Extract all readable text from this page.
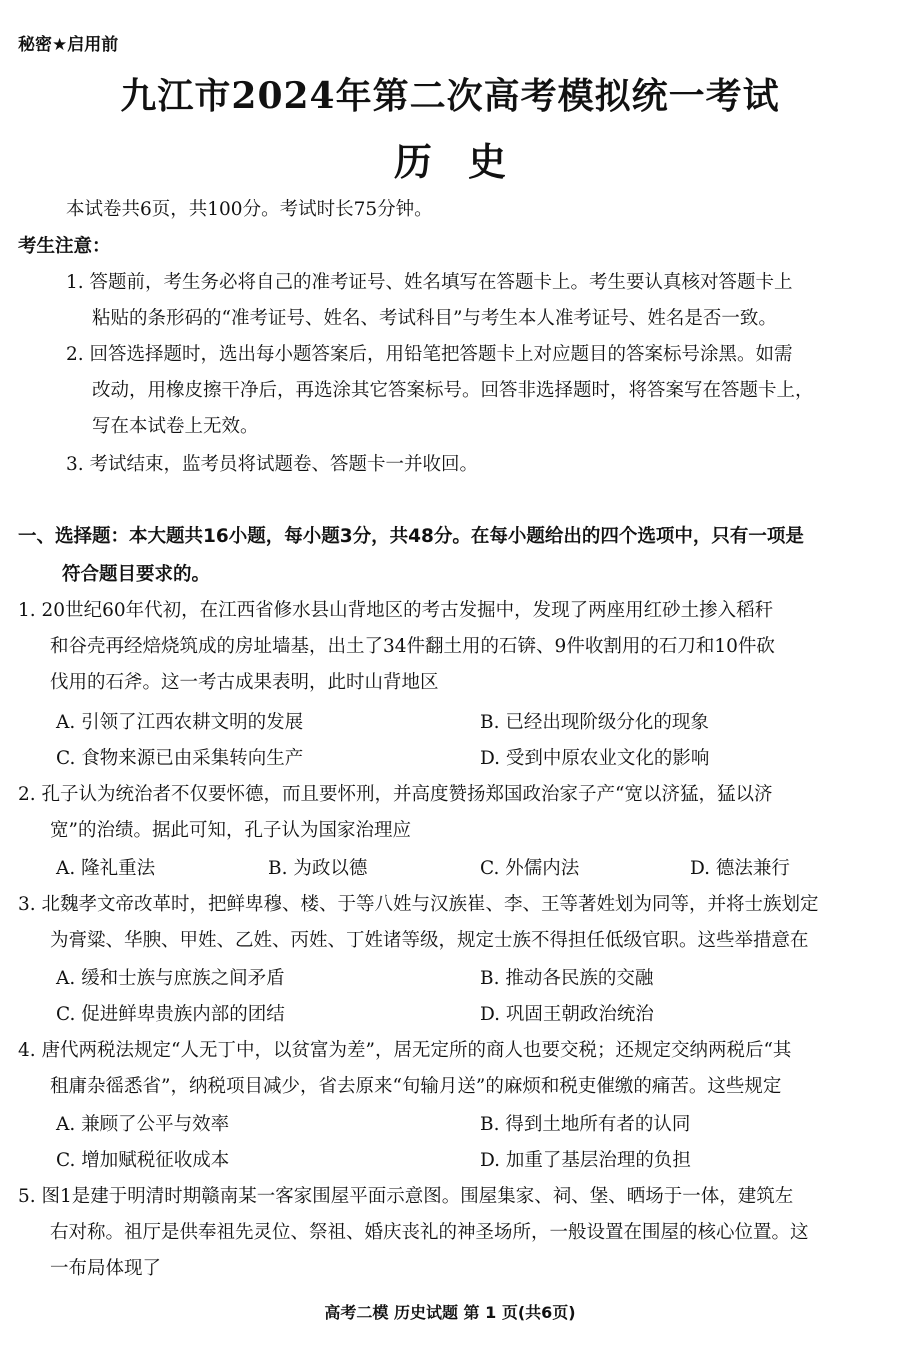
秘密★启用前
九江市2024年第二次高考模拟统一考试
历史
本试卷共6页，共100分。考试时长75分钟。
考生注意：
1. 答题前，考生务必将自己的准考证号、姓名填写在答题卡上。考生要认真核对答题卡上
粘贴的条形码的“准考证号、姓名、考试科目”与考生本人准考证号、姓名是否一致。
2. 回答选择题时，选出每小题答案后，用铅笔把答题卡上对应题目的答案标号涂黑。如需
改动，用橡皮擦干净后，再选涂其它答案标号。回答非选择题时，将答案写在答题卡上，
写在本试卷上无效。
3. 考试结束，监考员将试题卷、答题卡一并收回。
一、选择题：本大题共16小题，每小题3分，共48分。在每小题给出的四个选项中，只有一项是
符合题目要求的。
1. 20世纪60年代初，在江西省修水县山背地区的考古发掘中，发现了两座用红砂土掺入稻秆
和谷壳再经焙烧筑成的房址墙基，出土了34件翻土用的石锛、9件收割用的石刀和10件砍
伐用的石斧。这一考古成果表明，此时山背地区
A. 引领了江西农耕文明的发展	B. 已经出现阶级分化的现象
C. 食物来源已由采集转向生产	D. 受到中原农业文化的影响
2. 孔子认为统治者不仅要怀德，而且要怀刑，并高度赞扬郑国政治家子产“宽以济猛，猛以济
宽”的治绩。据此可知，孔子认为国家治理应
A. 隆礼重法	B. 为政以德	C. 外儒内法	D. 德法兼行
3. 北魏孝文帝改革时，把鲜卑穆、楼、于等八姓与汉族崔、李、王等著姓划为同等，并将士族划定
为膏粱、华腴、甲姓、乙姓、丙姓、丁姓诸等级，规定士族不得担任低级官职。这些举措意在
A. 缓和士族与庶族之间矛盾	B. 推动各民族的交融
C. 促进鲜卑贵族内部的团结	D. 巩固王朝政治统治
4. 唐代两税法规定“人无丁中，以贫富为差”，居无定所的商人也要交税；还规定交纳两税后“其
租庸杂徭悉省”，纳税项目减少，省去原来“旬输月送”的麻烦和税吏催缴的痛苦。这些规定
A. 兼顾了公平与效率	B. 得到土地所有者的认同
C. 增加赋税征收成本	D. 加重了基层治理的负担
5. 图1是建于明清时期赣南某一客家围屋平面示意图。围屋集家、祠、堡、晒场于一体，建筑左
右对称。祖厅是供奉祖先灵位、祭祖、婚庆丧礼的神圣场所，一般设置在围屋的核心位置。这
一布局体现了
高考二模 历史试题 第 1 页(共6页)
